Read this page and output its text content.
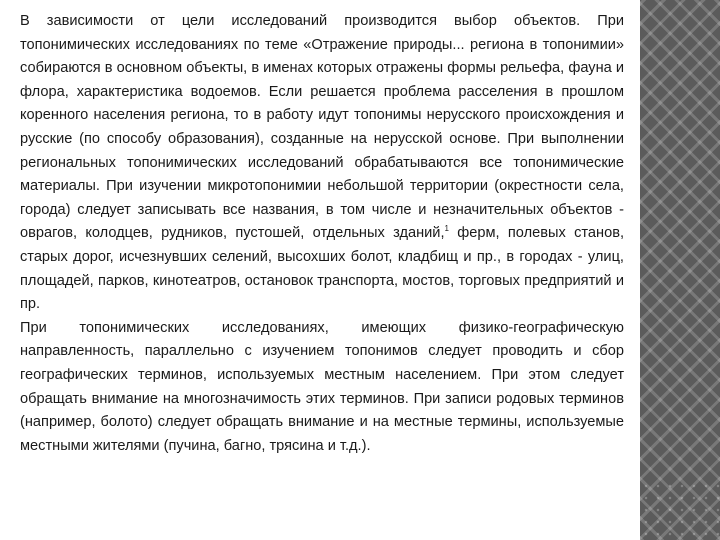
В зависимости от цели исследований производится выбор объектов. При топонимических исследованиях по теме «Отражение природы... региона в топонимии» собираются в основном объекты, в именах которых отражены формы рельефа, фауна и флора, характеристика водоемов. Если решается проблема расселения в прошлом коренного населения региона, то в работу идут топонимы нерусского происхождения и русские (по способу образования), созданные на нерусской основе. При выполнении региональных топонимических исследований обрабатываются все топонимические материалы. При изучении микротопонимии небольшой территории (окрестности села, города) следует записывать все названия, в том числе и незначительных объектов - оврагов, колодцев, рудников, пустошей, отдельных зданий,$^1$ ферм, полевых станов, старых дорог, исчезнувших селений, высохших болот, кладбищ и пр., в городах - улиц, площадей, парков, кинотеатров, остановок транспорта, мостов, торговых предприятий и пр.

При топонимических исследованиях, имеющих физико-географическую направленность, параллельно с изучением топонимов следует проводить и сбор географических терминов, используемых местным населением. При этом следует обращать внимание на многозначимость этих терминов. При записи родовых терминов (например, болото) следует обращать внимание и на местные термины, используемые местными жителями (пучина, багно, трясина и т.д.).
